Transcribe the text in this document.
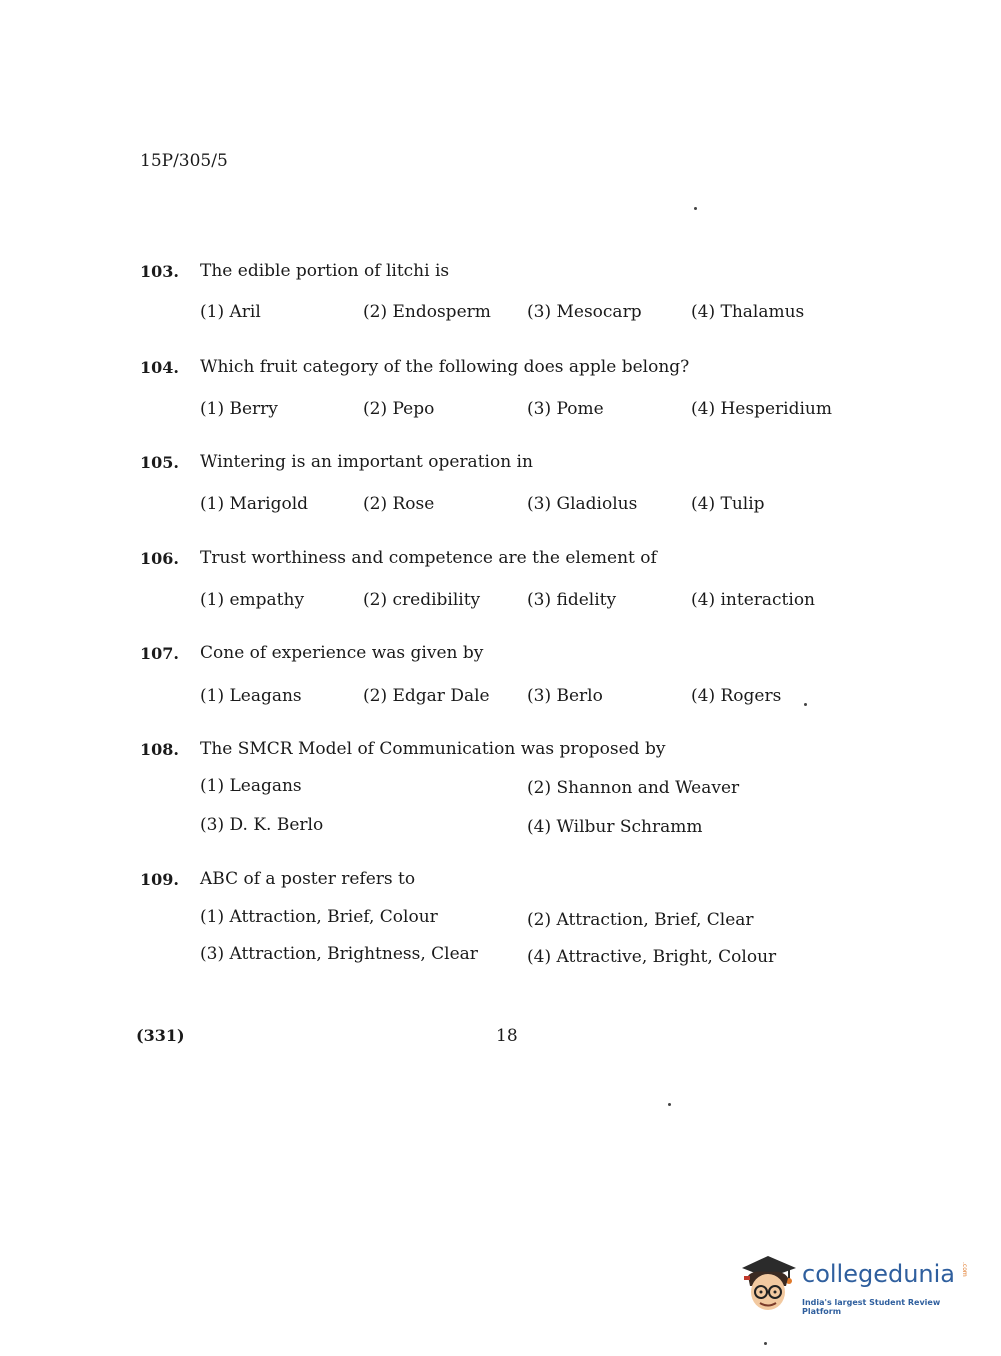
15P/305/5
103. The edible portion of litchi is
(1) Aril	(2) Endosperm (3) Mesocarp	(4) Thalamus
104. Which fruit category of the following does apple belong?
(1) Berry	(2) Pepo	(3) Pome	(4) Hesperidium
105. Wintering is an important operation in
(1) Marigold	(2) Rose	(3) Gladiolus	(4) Tulip
106. Trust worthiness and competence are the element of
(1) empathy	(2) credibility	(3) fidelity	(4) interaction
107. Cone of experience was given by
(1) Leagans	(2) Edgar Dale (3) Berlo	(4) Rogers
108. The SMCR Model of Communication was proposed by
(1) Leagans	(2) Shannon and Weaver
(3) D. K. Berlo	(4) Wilbur Schramm
109. ABC of a poster refers to
(1) Attraction, Brief, Colour	(2) Attraction, Brief, Clear
(3) Attraction, Brightness, Clear	(4) Attractive, Bright, Colour
(331)	18
collegedunia .com
India's largest Student Review Platform
